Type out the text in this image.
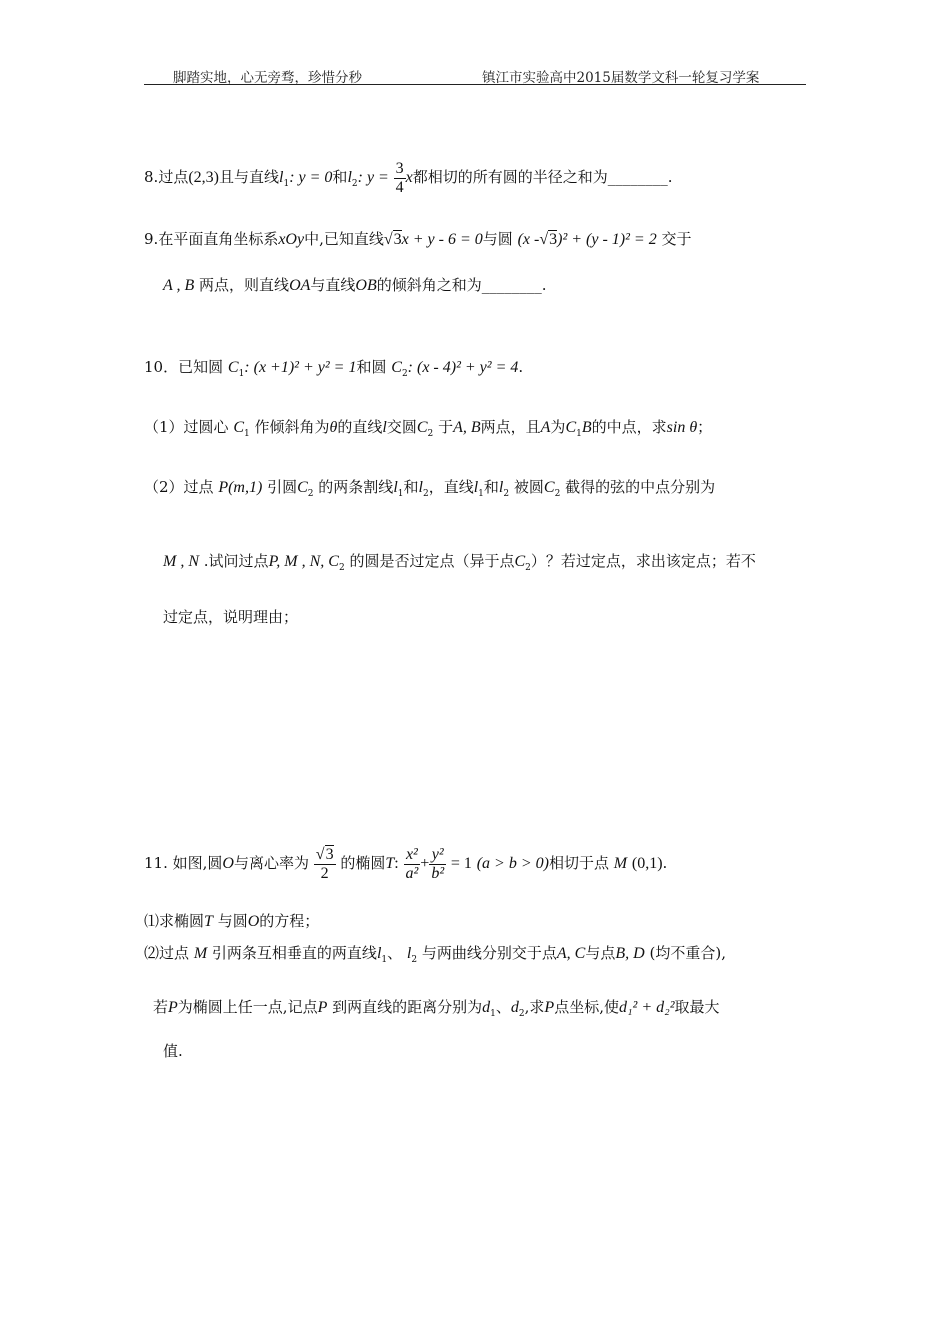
脚踏实地，心无旁骛，珍惜分秒	镇江市实验高中2015届数学文科一轮复习学案
8.过点(2,3)且与直线$l_1$: y = 0和$l_2$: $y = \frac{3}{4}$ x都相切的所有圆的半径之和为________.
9.在平面直角坐标系xOy中,已知直线√3x + y - 6 = 0与圆 (x -√3)² + (y - 1)² = 2 交于
A , B 两点，则直线OA与直线OB的倾斜角之和为________.
10．已知圆 $C_1$: (x +1)² + y² = 1和圆 $C_2$: (x - 4)² + y² = 4.
（1）过圆心 $C_1$ 作倾斜角为θ的直线l交圆$C_2$ 于A, B两点，且A为$C_1B$的中点，求sin θ；
（2）过点 P(m,1) 引圆$C_2$ 的两条割线$l_1$和$l_2$，直线$l_1$和$l_2$ 被圆$C_2$ 截得的弦的中点分别为
M , N .试问过点P, M , N, $C_2$ 的圆是否过定点（异于点$C_2$）？若过定点，求出该定点；若不
过定点，说明理由；
11. 如图,圆O与离心率为 $\frac{√3}{2}$ 的椭圆T: $\frac{\text{x²}}{\text{a²}} + \frac{\text{y²}}{\text{b²}} = 1$ (a > b > 0)相切于点 M (0,1).
⑴求椭圆T 与圆O的方程；
⑵过点 M 引两条互相垂直的两直线$l_1$、 $l_2$ 与两曲线分别交于点A, C与点B, D (均不重合),
若P为椭圆上任一点,记点P 到两直线的距离分别为$d_1$、$d_2$,求P点坐标,使d₁² + d₂²取最大
值.
